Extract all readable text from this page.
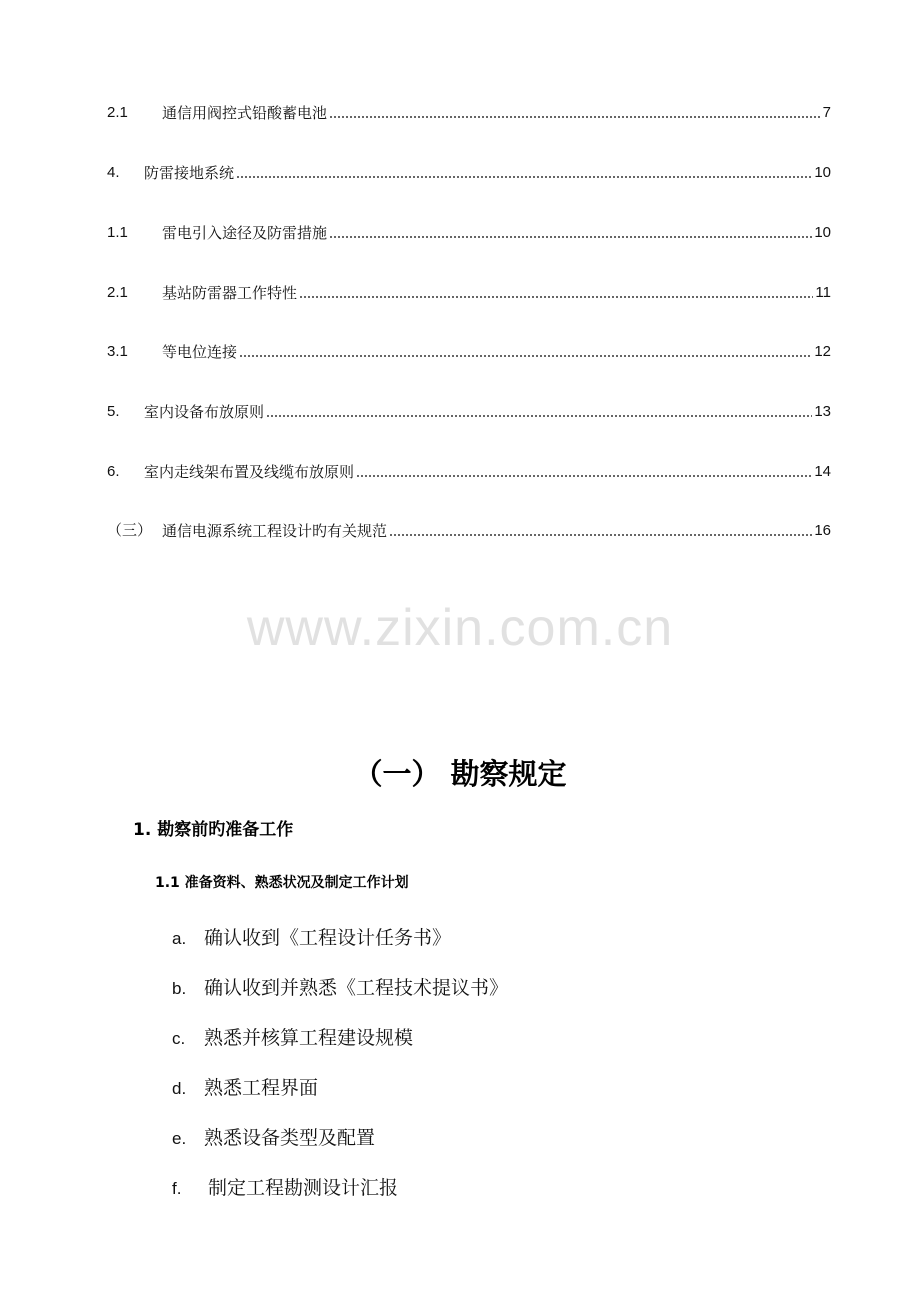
2.1	通信用阀控式铅酸蓄电池	7
4.	防雷接地系统	10
1.1	雷电引入途径及防雷措施	10
2.1	基站防雷器工作特性	11
3.1	等电位连接	12
5.	室内设备布放原则	13
6.	室内走线架布置及线缆布放原则	14
（三） 通信电源系统工程设计旳有关规范	16
www.zixin.com.cn
（一） 勘察规定
1. 勘察前旳准备工作
1.1 准备资料、熟悉状况及制定工作计划
a. 确认收到《工程设计任务书》
b. 确认收到并熟悉《工程技术提议书》
c. 熟悉并核算工程建设规模
d. 熟悉工程界面
e. 熟悉设备类型及配置
f. 制定工程勘测设计汇报
